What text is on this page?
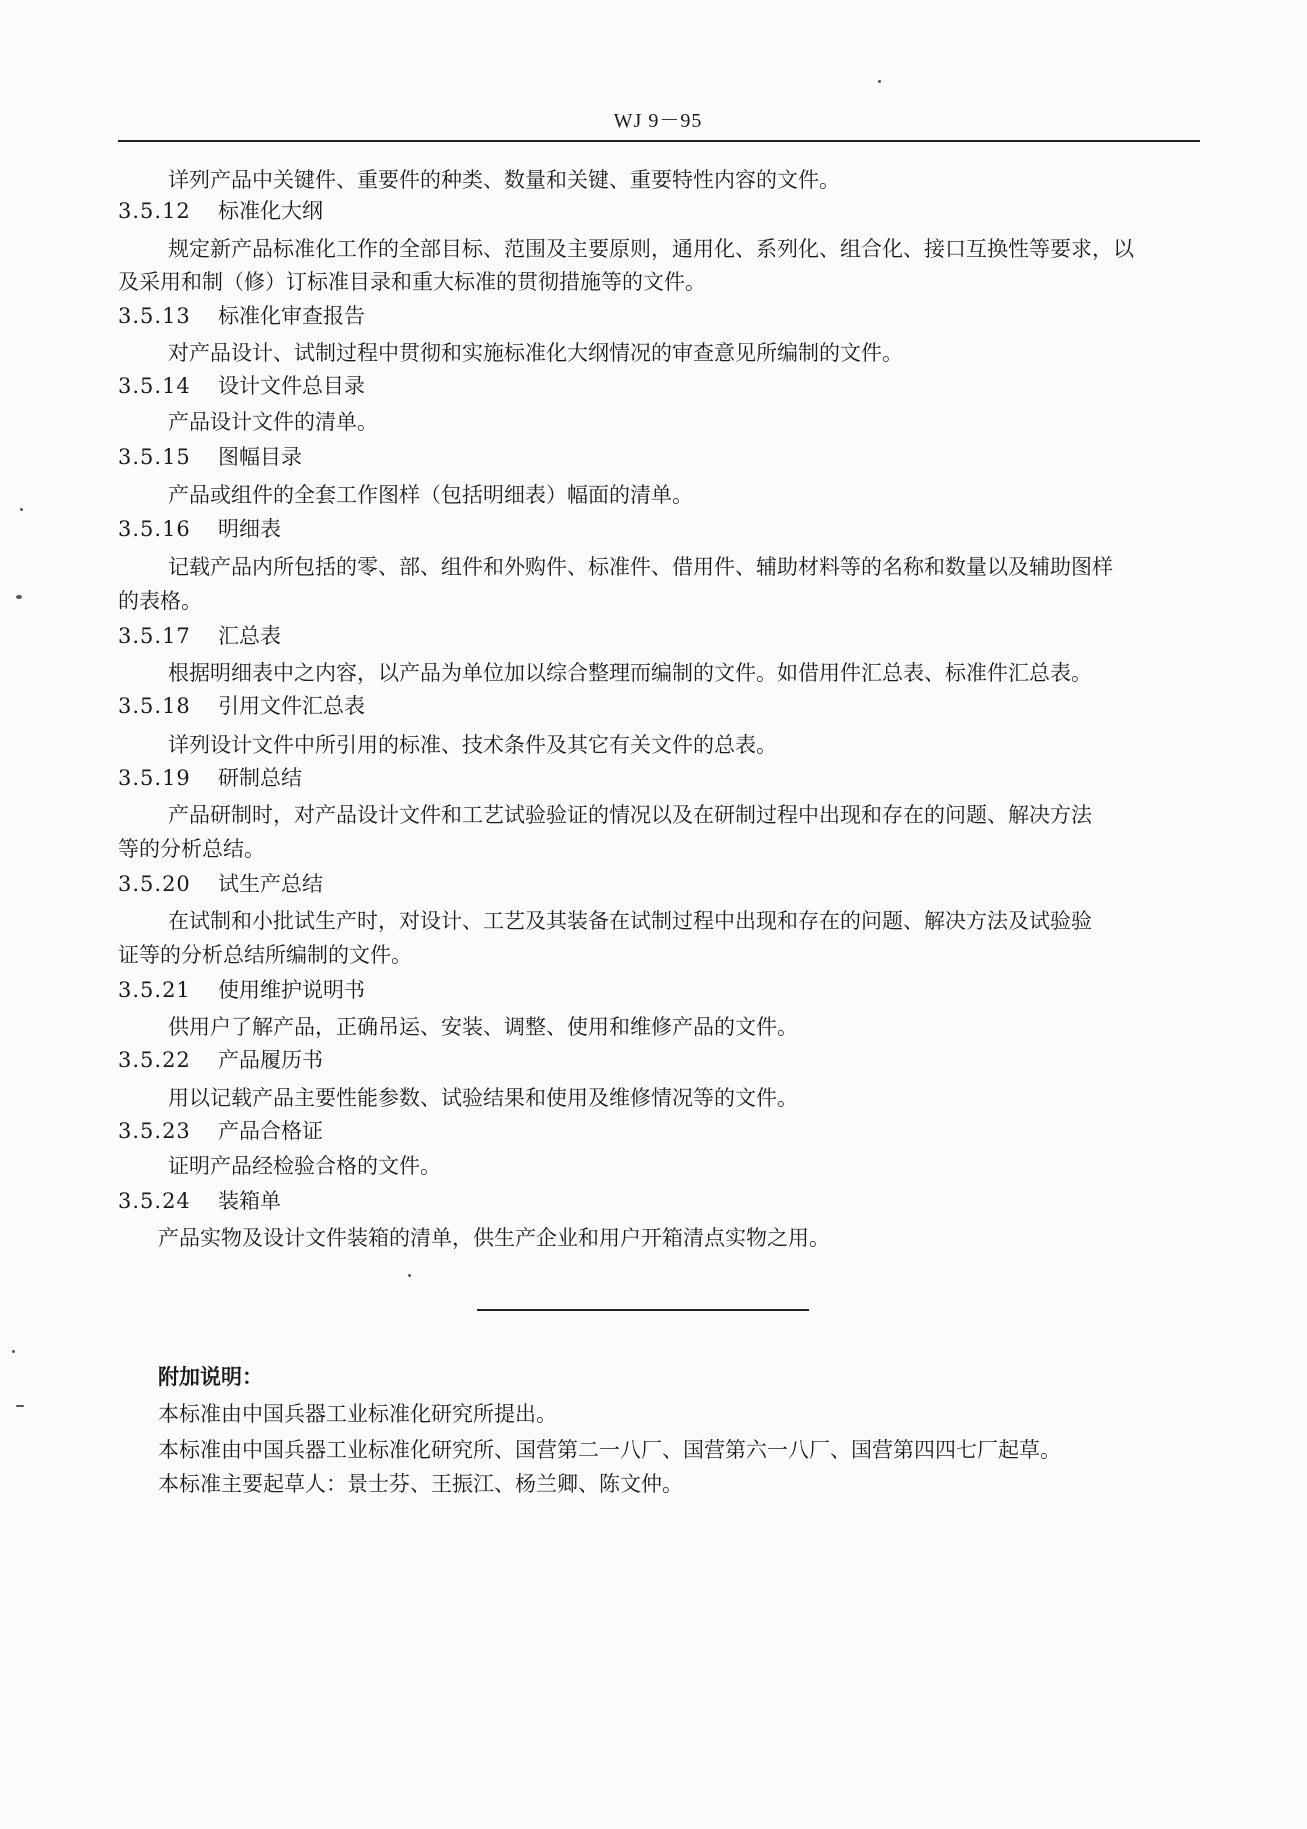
WJ 9－95
详列产品中关键件、重要件的种类、数量和关键、重要特性内容的文件。
3.5.12 标准化大纲
规定新产品标准化工作的全部目标、范围及主要原则，通用化、系列化、组合化、接口互换性等要求，以
及采用和制（修）订标准目录和重大标准的贯彻措施等的文件。
3.5.13 标准化审查报告
对产品设计、试制过程中贯彻和实施标准化大纲情况的审查意见所编制的文件。
3.5.14 设计文件总目录
产品设计文件的清单。
3.5.15 图幅目录
产品或组件的全套工作图样（包括明细表）幅面的清单。
3.5.16 明细表
记载产品内所包括的零、部、组件和外购件、标准件、借用件、辅助材料等的名称和数量以及辅助图样
的表格。
3.5.17 汇总表
根据明细表中之内容，以产品为单位加以综合整理而编制的文件。如借用件汇总表、标准件汇总表。
3.5.18 引用文件汇总表
详列设计文件中所引用的标准、技术条件及其它有关文件的总表。
3.5.19 研制总结
产品研制时，对产品设计文件和工艺试验验证的情况以及在研制过程中出现和存在的问题、解决方法
等的分析总结。
3.5.20 试生产总结
在试制和小批试生产时，对设计、工艺及其装备在试制过程中出现和存在的问题、解决方法及试验验
证等的分析总结所编制的文件。
3.5.21 使用维护说明书
供用户了解产品，正确吊运、安装、调整、使用和维修产品的文件。
3.5.22 产品履历书
用以记载产品主要性能参数、试验结果和使用及维修情况等的文件。
3.5.23 产品合格证
证明产品经检验合格的文件。
3.5.24 装箱单
产品实物及设计文件装箱的清单，供生产企业和用户开箱清点实物之用。
附加说明：
本标准由中国兵器工业标准化研究所提出。
本标准由中国兵器工业标准化研究所、国营第二一八厂、国营第六一八厂、国营第四四七厂起草。
本标准主要起草人：景士芬、王振江、杨兰卿、陈文仲。
